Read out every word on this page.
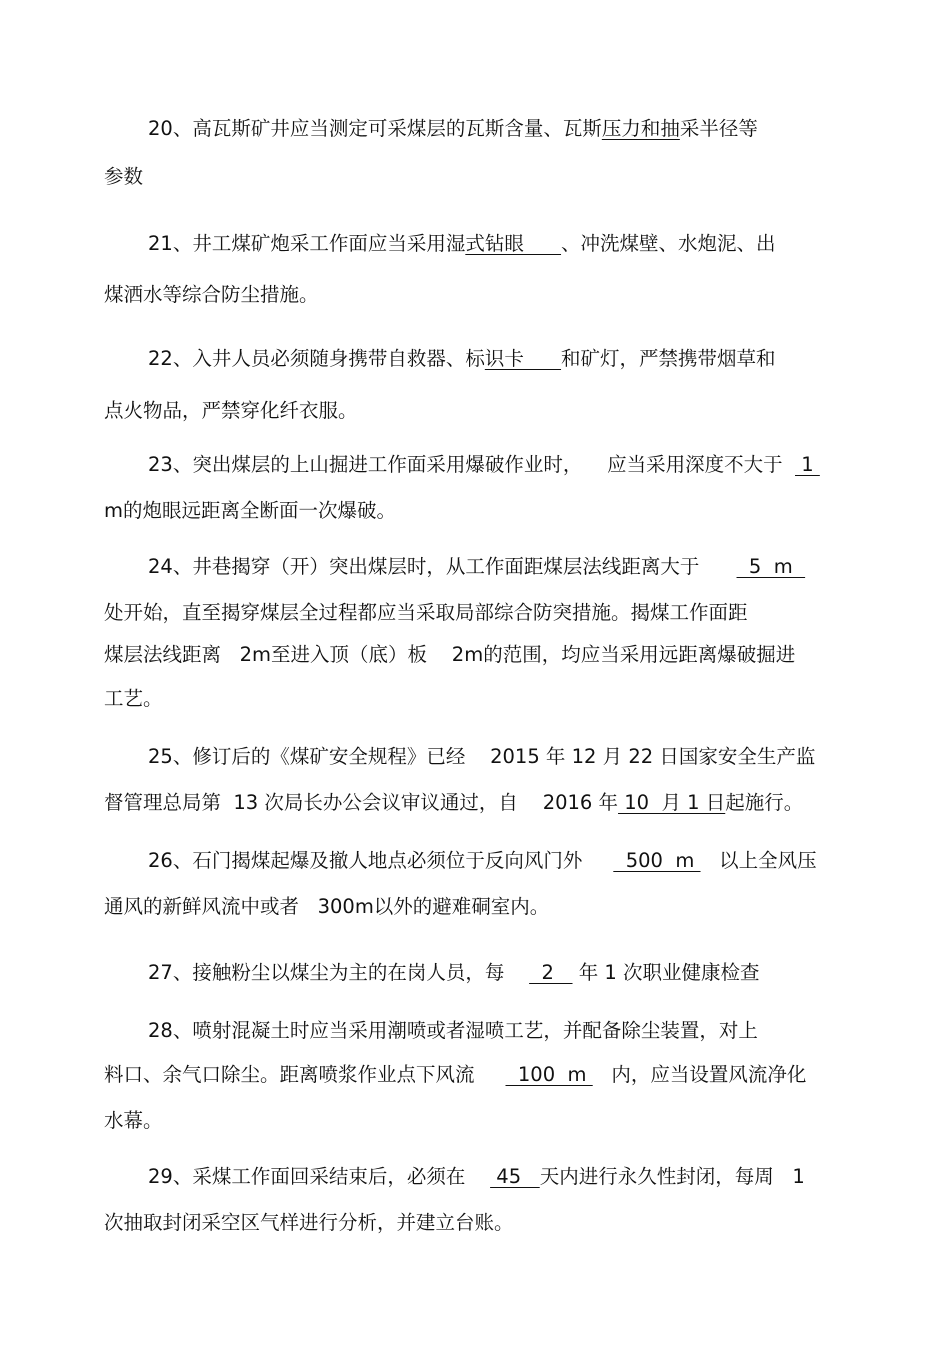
20、高瓦斯矿井应当测定可采煤层的瓦斯含量、瓦斯压力和抽采半径等

参数

21、井工煤矿炮采工作面应当采用湿式钻眼      、冲洗煤壁、水炮泥、出

煤洒水等综合防尘措施。

22、入井人员必须随身携带自救器、标识卡      和矿灯，严禁携带烟草和

点火物品，严禁穿化纤衣服。

23、突出煤层的上山掘进工作面采用爆破作业时，    应当采用深度不大于   1

m的炮眼远距离全断面一次爆破。

24、井巷揭穿（开）突出煤层时，从工作面距煤层法线距离大于        5  m

处开始，直至揭穿煤层全过程都应当采取局部综合防突措施。揭煤工作面距

煤层法线距离   2m至进入顶（底）板    2m的范围，均应当采用远距离爆破掘进

工艺。

25、修订后的《煤矿安全规程》已经    2015 年 12 月 22 日国家安全生产监

督管理总局第  13 次局长办公会议审议通过，自    2016 年 10  月 1 日起施行。

26、石门揭煤起爆及撤人地点必须位于反向风门外       500  m    以上全风压

通风的新鲜风流中或者   300m以外的避难硐室内。

27、接触粉尘以煤尘为主的在岗人员，每      2    年 1 次职业健康检查

28、喷射混凝土时应当采用潮喷或者湿喷工艺，并配备除尘装置，对上

料口、余气口除尘。距离喷浆作业点下风流       100  m    内，应当设置风流净化

水幕。

29、采煤工作面回采结束后，必须在     45   天内进行永久性封闭，每周   1

次抽取封闭采空区气样进行分析，并建立台账。
